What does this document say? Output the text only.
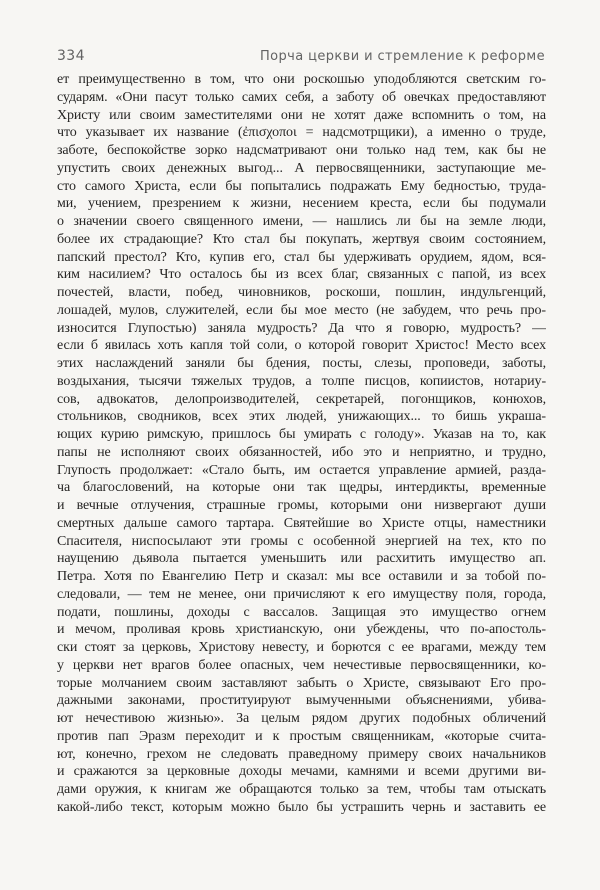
334	Порча церкви и стремление к реформе
ет преимущественно в том, что они роскошью уподобляются светским го-
сударям. «Они пасут только самих себя, а заботу об овечках предоставляют
Христу или своим заместителями они не хотят даже вспомнить о том, на
что указывает их название (ἐπισχοποι = надсмотрщики), а именно о труде,
заботе, беспокойстве зорко надсматривают они только над тем, как бы не
упустить своих денежных выгод... А первосвященники, заступающие ме-
сто самого Христа, если бы попытались подражать Ему бедностью, труда-
ми, учением, презрением к жизни, несением креста, если бы подумали
о значении своего священного имени, — нашлись ли бы на земле люди,
более их страдающие? Кто стал бы покупать, жертвуя своим состоянием,
папский престол? Кто, купив его, стал бы удерживать орудием, ядом, вся-
ким насилием? Что осталось бы из всех благ, связанных с папой, из всех
почестей, власти, побед, чиновников, роскоши, пошлин, индульгенций,
лошадей, мулов, служителей, если бы мое место (не забудем, что речь про-
износится Глупостью) заняла мудрость? Да что я говорю, мудрость? —
если б явилась хоть капля той соли, о которой говорит Христос! Место всех
этих наслаждений заняли бы бдения, посты, слезы, проповеди, заботы,
воздыхания, тысячи тяжелых трудов, а толпе писцов, копиистов, нотариу-
сов, адвокатов, делопроизводителей, секретарей, погонщиков, конюхов,
стольников, сводников, всех этих людей, унижающих... то бишь украша-
ющих курию римскую, пришлось бы умирать с голоду». Указав на то, как
папы не исполняют своих обязанностей, ибо это и неприятно, и трудно,
Глупость продолжает: «Стало быть, им остается управление армией, разда-
ча благословений, на которые они так щедры, интердикты, временные
и вечные отлучения, страшные громы, которыми они низвергают души
смертных дальше самого тартара. Святейшие во Христе отцы, наместники
Спасителя, ниспосылают эти громы с особенной энергией на тех, кто по
наущению дьявола пытается уменьшить или расхитить имущество ап.
Петра. Хотя по Евангелию Петр и сказал: мы все оставили и за тобой по-
следовали, — тем не менее, они причисляют к его имуществу поля, города,
подати, пошлины, доходы с вассалов. Защищая это имущество огнем
и мечом, проливая кровь христианскую, они убеждены, что по-апостоль-
ски стоят за церковь, Христову невесту, и борются с ее врагами, между тем
у церкви нет врагов более опасных, чем нечестивые первосвященники, ко-
торые молчанием своим заставляют забыть о Христе, связывают Его про-
дажными законами, проституируют вымученными объяснениями, убива-
ют нечестивою жизнью». За целым рядом других подобных обличений
против пап Эразм переходит и к простым священникам, «которые счита-
ют, конечно, грехом не следовать праведному примеру своих начальников
и сражаются за церковные доходы мечами, камнями и всеми другими ви-
дами оружия, к книгам же обращаются только за тем, чтобы там отыскать
какой-либо текст, которым можно было бы устрашить чернь и заставить ее
